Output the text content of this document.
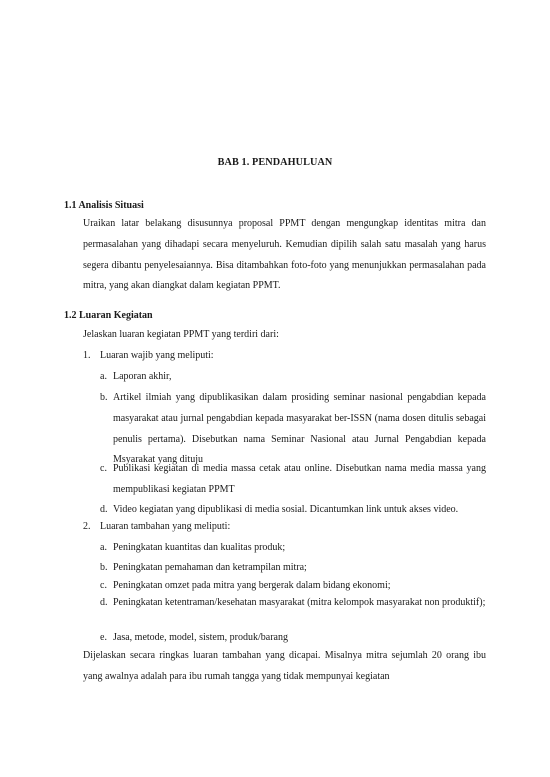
BAB 1. PENDAHULUAN
1.1 Analisis Situasi
Uraikan latar belakang disusunnya proposal PPMT dengan mengungkap identitas mitra dan permasalahan yang dihadapi secara menyeluruh. Kemudian dipilih salah satu masalah yang harus segera dibantu penyelesaiannya. Bisa ditambahkan foto-foto yang menunjukkan permasalahan pada mitra, yang akan diangkat dalam kegiatan PPMT.
1.2 Luaran Kegiatan
Jelaskan luaran kegiatan PPMT yang terdiri dari:
1. Luaran wajib yang meliputi:
a. Laporan akhir,
b. Artikel ilmiah yang dipublikasikan dalam prosiding seminar nasional pengabdian kepada masyarakat atau jurnal pengabdian kepada masyarakat ber-ISSN (nama dosen ditulis sebagai penulis pertama). Disebutkan nama Seminar Nasional atau Jurnal Pengabdian kepada Msyarakat yang dituju
c. Publikasi kegiatan di media massa cetak atau online. Disebutkan nama media massa yang mempublikasi kegiatan PPMT
d. Video kegiatan yang dipublikasi di media sosial. Dicantumkan link untuk akses video.
2. Luaran tambahan yang meliputi:
a. Peningkatan kuantitas dan kualitas produk;
b. Peningkatan pemahaman dan ketrampilan mitra;
c. Peningkatan omzet pada mitra yang bergerak dalam bidang ekonomi;
d. Peningkatan ketentraman/kesehatan masyarakat (mitra kelompok masyarakat non produktif);
e. Jasa, metode, model, sistem, produk/barang
Dijelaskan secara ringkas luaran tambahan yang dicapai. Misalnya mitra sejumlah 20 orang ibu yang awalnya adalah para ibu rumah tangga yang tidak mempunyai kegiatan
